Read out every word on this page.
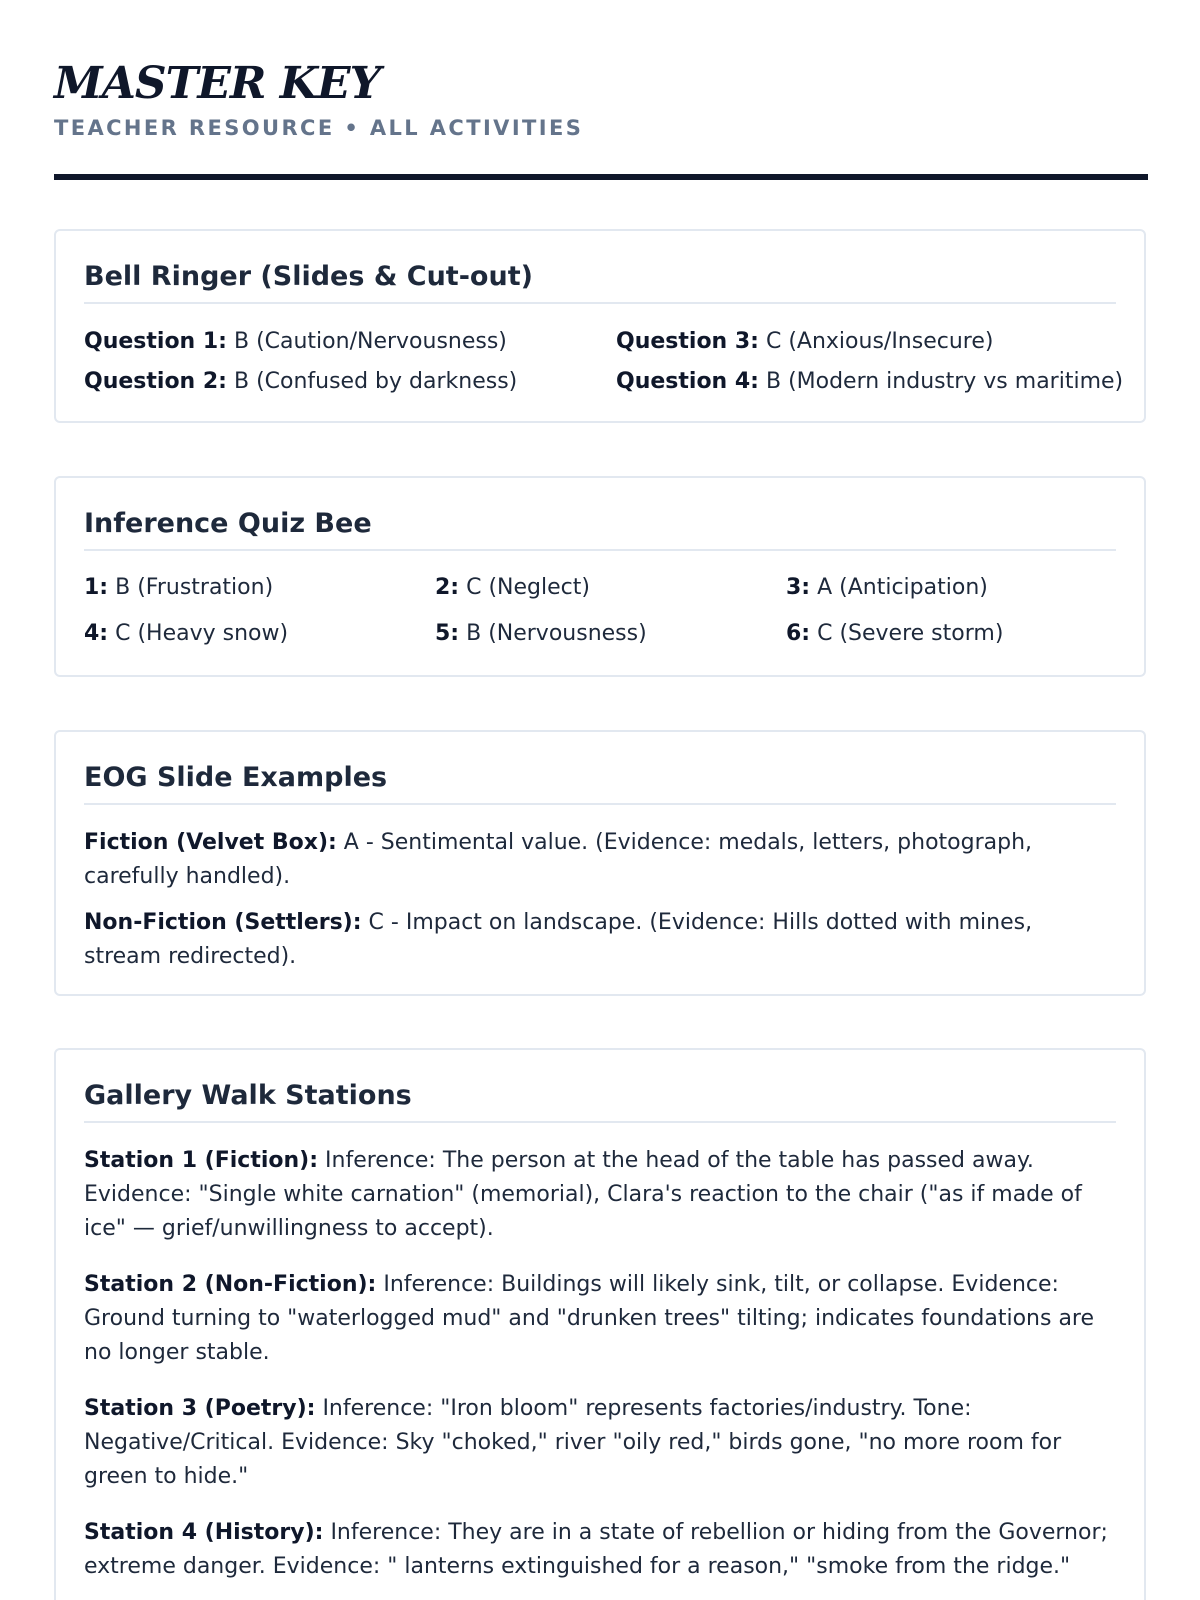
MASTER KEY
TEACHER RESOURCE • ALL ACTIVITIES
Bell Ringer (Slides & Cut-out)
Question 1: B (Caution/Nervousness)	Question 3: C (Anxious/Insecure)
Question 2: B (Confused by darkness)	Question 4: B (Modern industry vs maritime)
Inference Quiz Bee
1: B (Frustration)	2: C (Neglect)	3: A (Anticipation)
4: C (Heavy snow)	5: B (Nervousness)	6: C (Severe storm)
EOG Slide Examples

Fiction (Velvet Box): A - Sentimental value. (Evidence: medals, letters, photograph, carefully handled).

Non-Fiction (Settlers): C - Impact on landscape. (Evidence: Hills dotted with mines, stream redirected).

Gallery Walk Stations

Station 1 (Fiction): Inference: The person at the head of the table has passed away. Evidence: "Single white carnation" (memorial), Clara's reaction to the chair ("as if made of ice" — grief/unwillingness to accept).

Station 2 (Non-Fiction): Inference: Buildings will likely sink, tilt, or collapse. Evidence: Ground turning to "waterlogged mud" and "drunken trees" tilting; indicates foundations are no longer stable.

Station 3 (Poetry): Inference: "Iron bloom" represents factories/industry. Tone: Negative/Critical. Evidence: Sky "choked," river "oily red," birds gone, "no more room for green to hide."

Station 4 (History): Inference: They are in a state of rebellion or hiding from the Governor; extreme danger. Evidence: " lanterns extinguished for a reason," "smoke from the ridge."
